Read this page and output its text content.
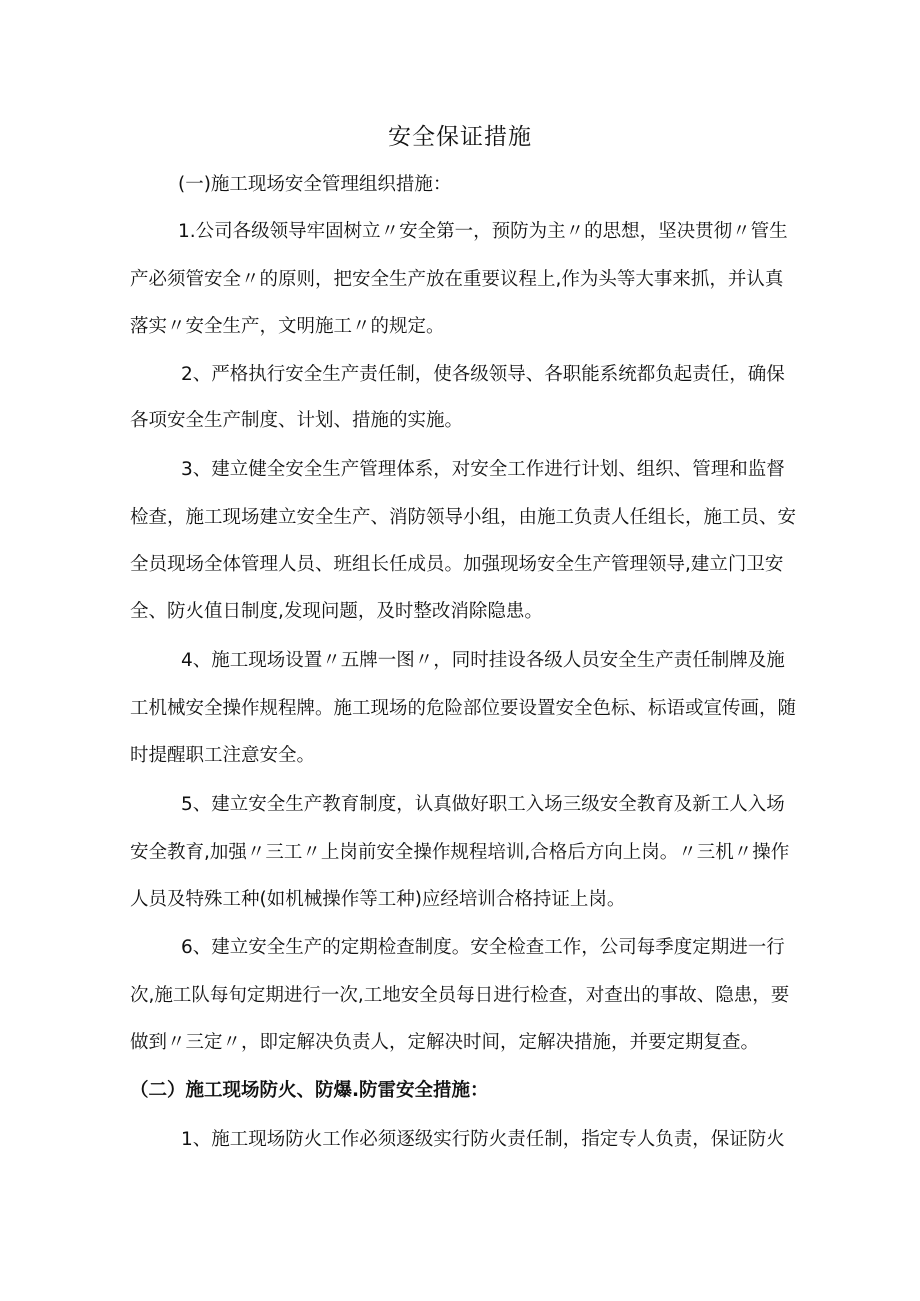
安全保证措施
(一)施工现场安全管理组织措施：
1.公司各级领导牢固树立〃安全第一，预防为主〃的思想，坚决贯彻〃管生
产必须管安全〃的原则，把安全生产放在重要议程上,作为头等大事来抓，并认真
落实〃安全生产，文明施工〃的规定。
2、严格执行安全生产责任制，使各级领导、各职能系统都负起责任，确保
各项安全生产制度、计划、措施的实施。
3、建立健全安全生产管理体系，对安全工作进行计划、组织、管理和监督
检查，施工现场建立安全生产、消防领导小组，由施工负责人任组长，施工员、安
全员现场全体管理人员、班组长任成员。加强现场安全生产管理领导,建立门卫安
全、防火值日制度,发现问题，及时整改消除隐患。
4、施工现场设置〃五牌一图〃，同时挂设各级人员安全生产责任制牌及施
工机械安全操作规程牌。施工现场的危险部位要设置安全色标、标语或宣传画，随
时提醒职工注意安全。
5、建立安全生产教育制度，认真做好职工入场三级安全教育及新工人入场
安全教育,加强〃三工〃上岗前安全操作规程培训,合格后方向上岗。〃三机〃操作
人员及特殊工种(如机械操作等工种)应经培训合格持证上岗。
6、建立安全生产的定期检查制度。安全检查工作，公司每季度定期进一行
次,施工队每旬定期进行一次,工地安全员每日进行检查，对查出的事故、隐患，要
做到〃三定〃，即定解决负责人，定解决时间，定解决措施，并要定期复查。
（二）施工现场防火、防爆.防雷安全措施：
1、施工现场防火工作必须逐级实行防火责任制，指定专人负责，保证防火
